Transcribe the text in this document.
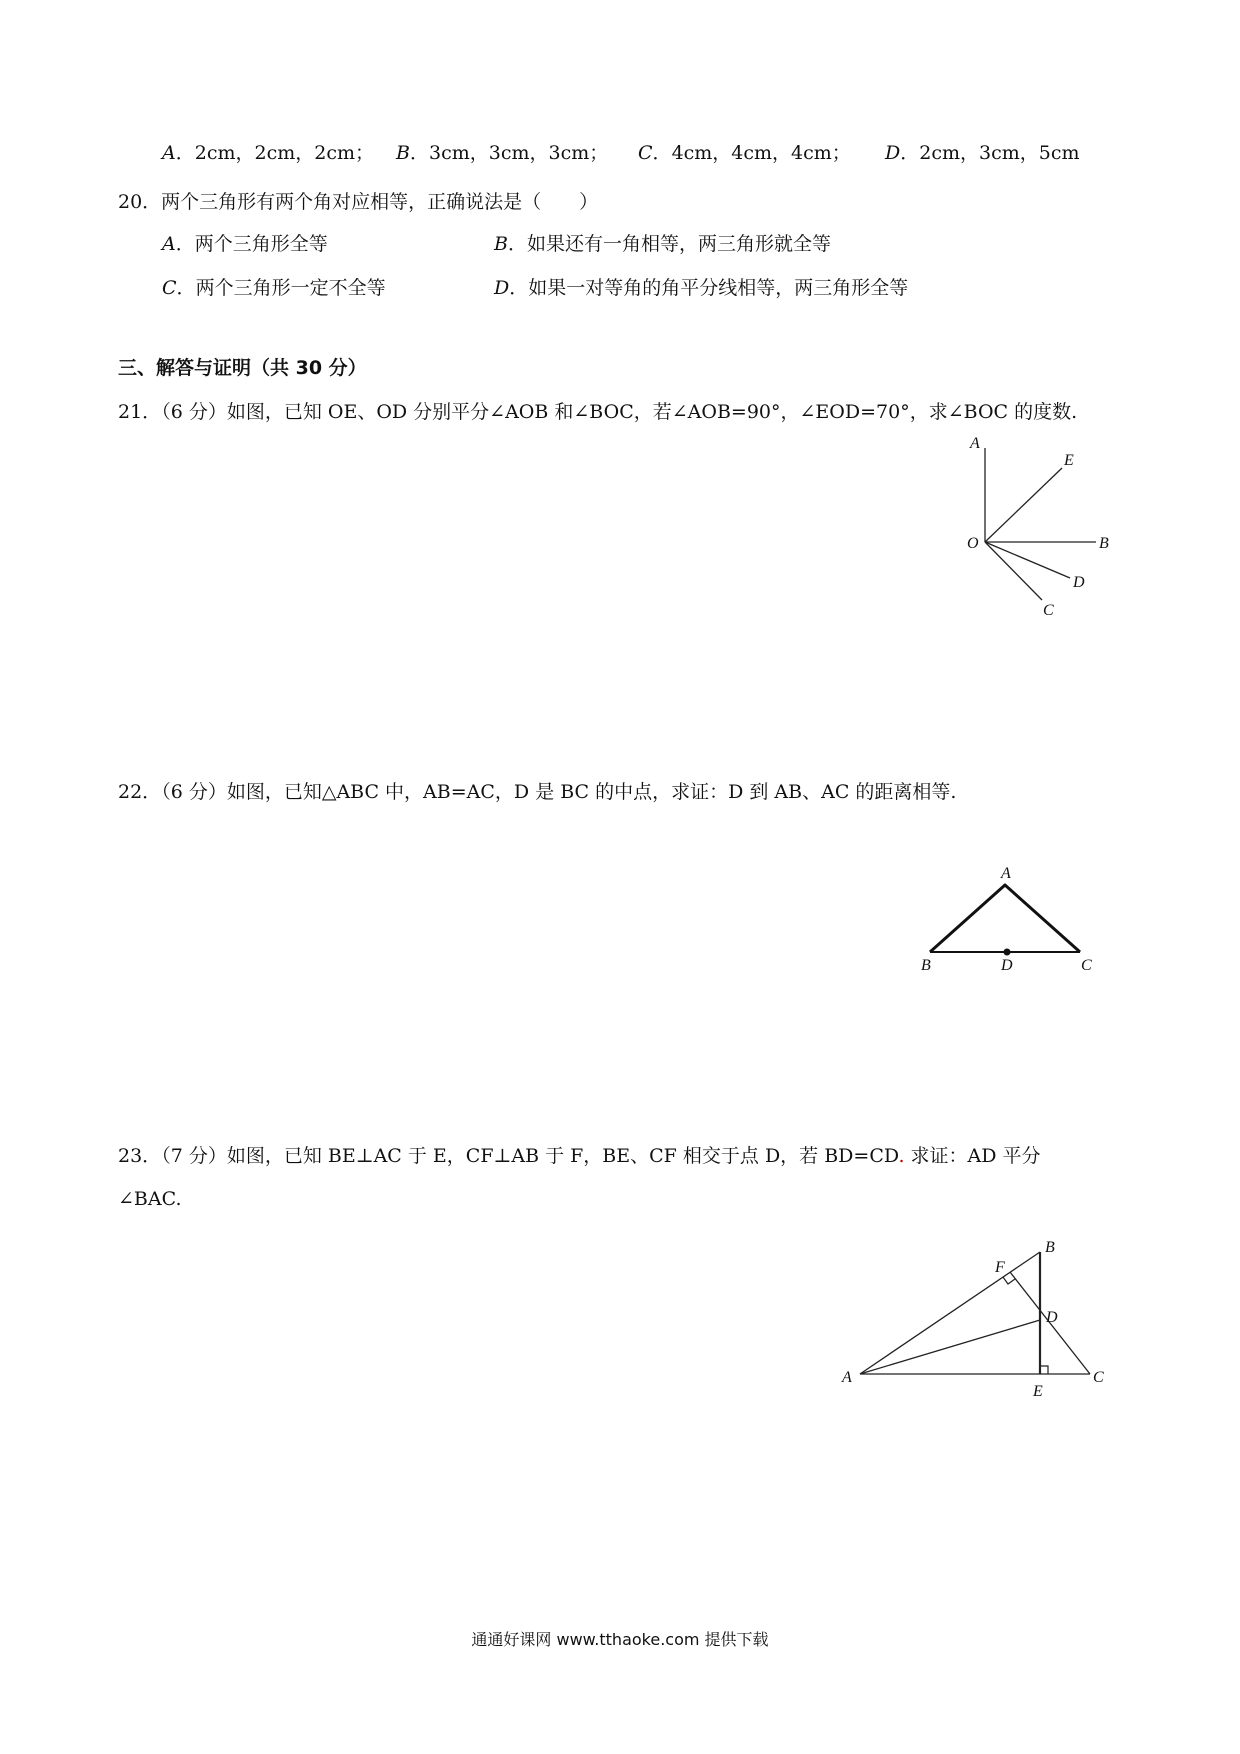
A．2cm，2cm，2cm； B．3cm，3cm，3cm； C．4cm，4cm，4cm； D．2cm，3cm，5cm
20．两个三角形有两个角对应相等，正确说法是（　　）
A．两个三角形全等	B．如果还有一角相等，两三角形就全等
C．两个三角形一定不全等	D．如果一对等角的角平分线相等，两三角形全等
三、解答与证明（共 30 分）
21．（6 分）如图，已知 OE、OD 分别平分∠AOB 和∠BOC，若∠AOB=90°，∠EOD=70°，求∠BOC 的度数.
A
E
O	B
D
C
22．（6 分）如图，已知△ABC 中，AB=AC，D 是 BC 的中点，求证：D 到 AB、AC 的距离相等.
A
B	D	C
23．（7 分）如图，已知 BE⊥AC 于 E，CF⊥AB 于 F，BE、CF 相交于点 D，若 BD=CD. 求证：AD 平分
∠BAC.
A
B
C
D
E
F
通通好课网 www.tthaoke.com 提供下载
